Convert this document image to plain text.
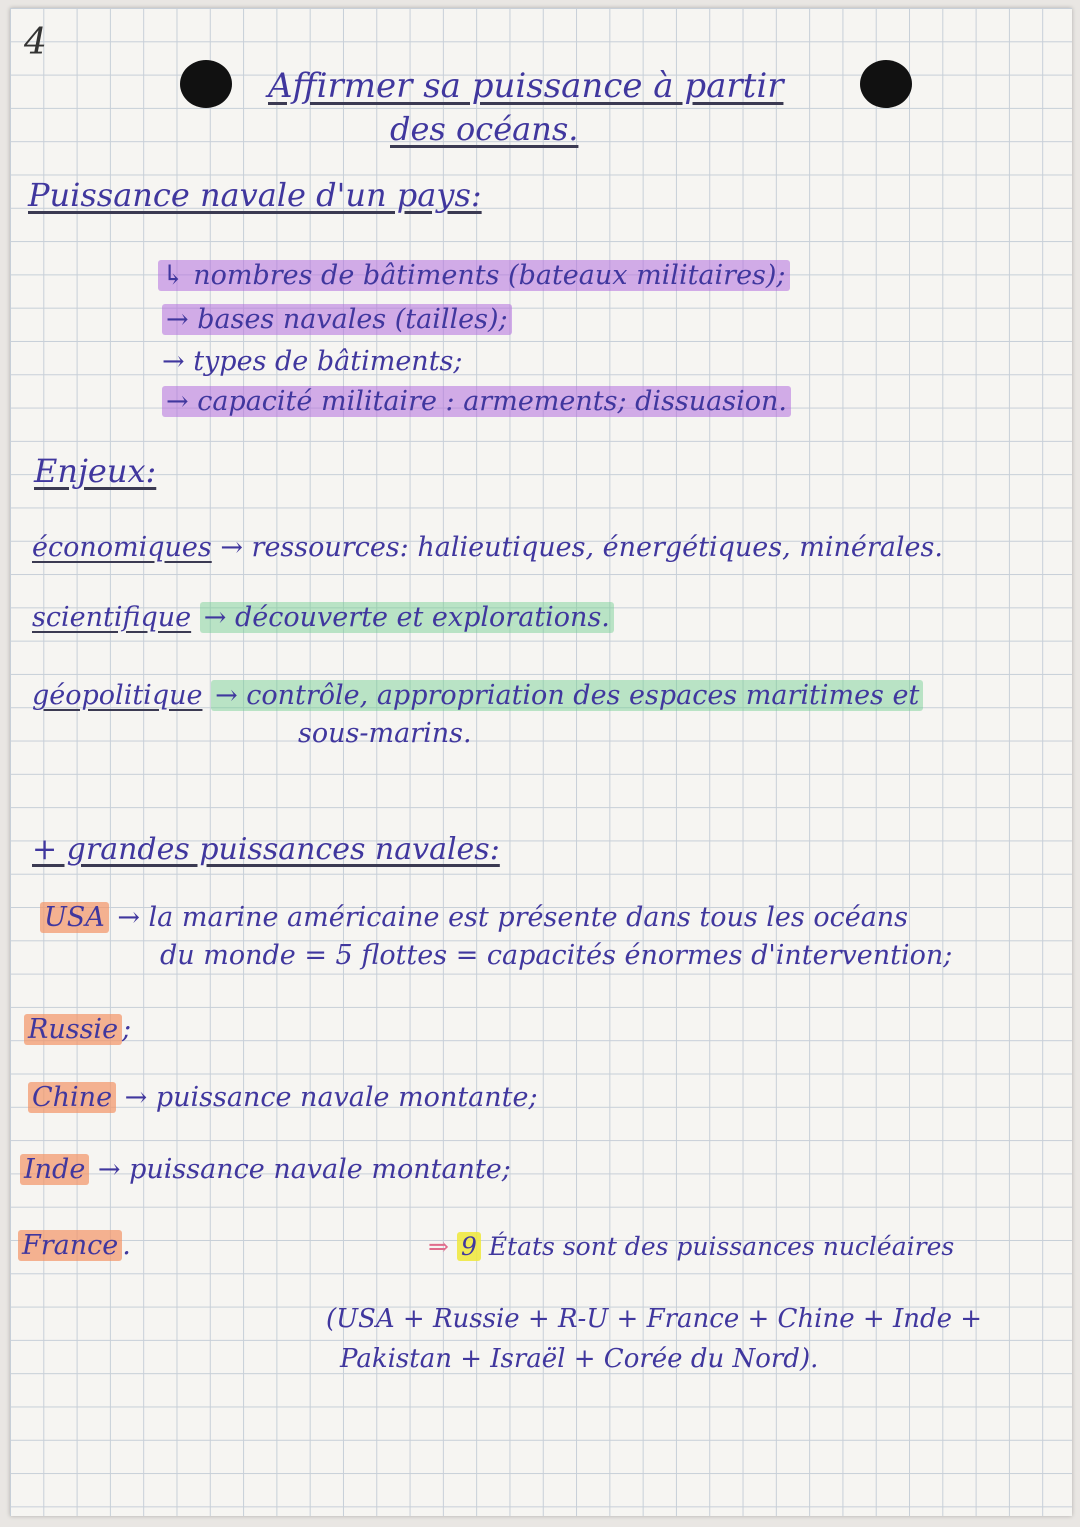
4
Affirmer sa puissance à partir
des océans.
Puissance navale d'un pays:
↳ nombres de bâtiments (bateaux militaires);
→ bases navales (tailles);
→ types de bâtiments;
→ capacité militaire : armements; dissuasion.
Enjeux:
économiques → ressources: halieutiques, énergétiques, minérales.
scientifique → découverte et explorations.
géopolitique → contrôle, appropriation des espaces maritimes et
sous-marins.
+ grandes puissances navales:
USA → la marine américaine est présente dans tous les océans
du monde = 5 flottes = capacités énormes d'intervention;
Russie ;
Chine → puissance navale montante;
Inde → puissance navale montante;
France .	⇒ 9 États sont des puissances nucléaires
(USA + Russie + R-U + France + Chine + Inde +
Pakistan + Israël + Corée du Nord).
